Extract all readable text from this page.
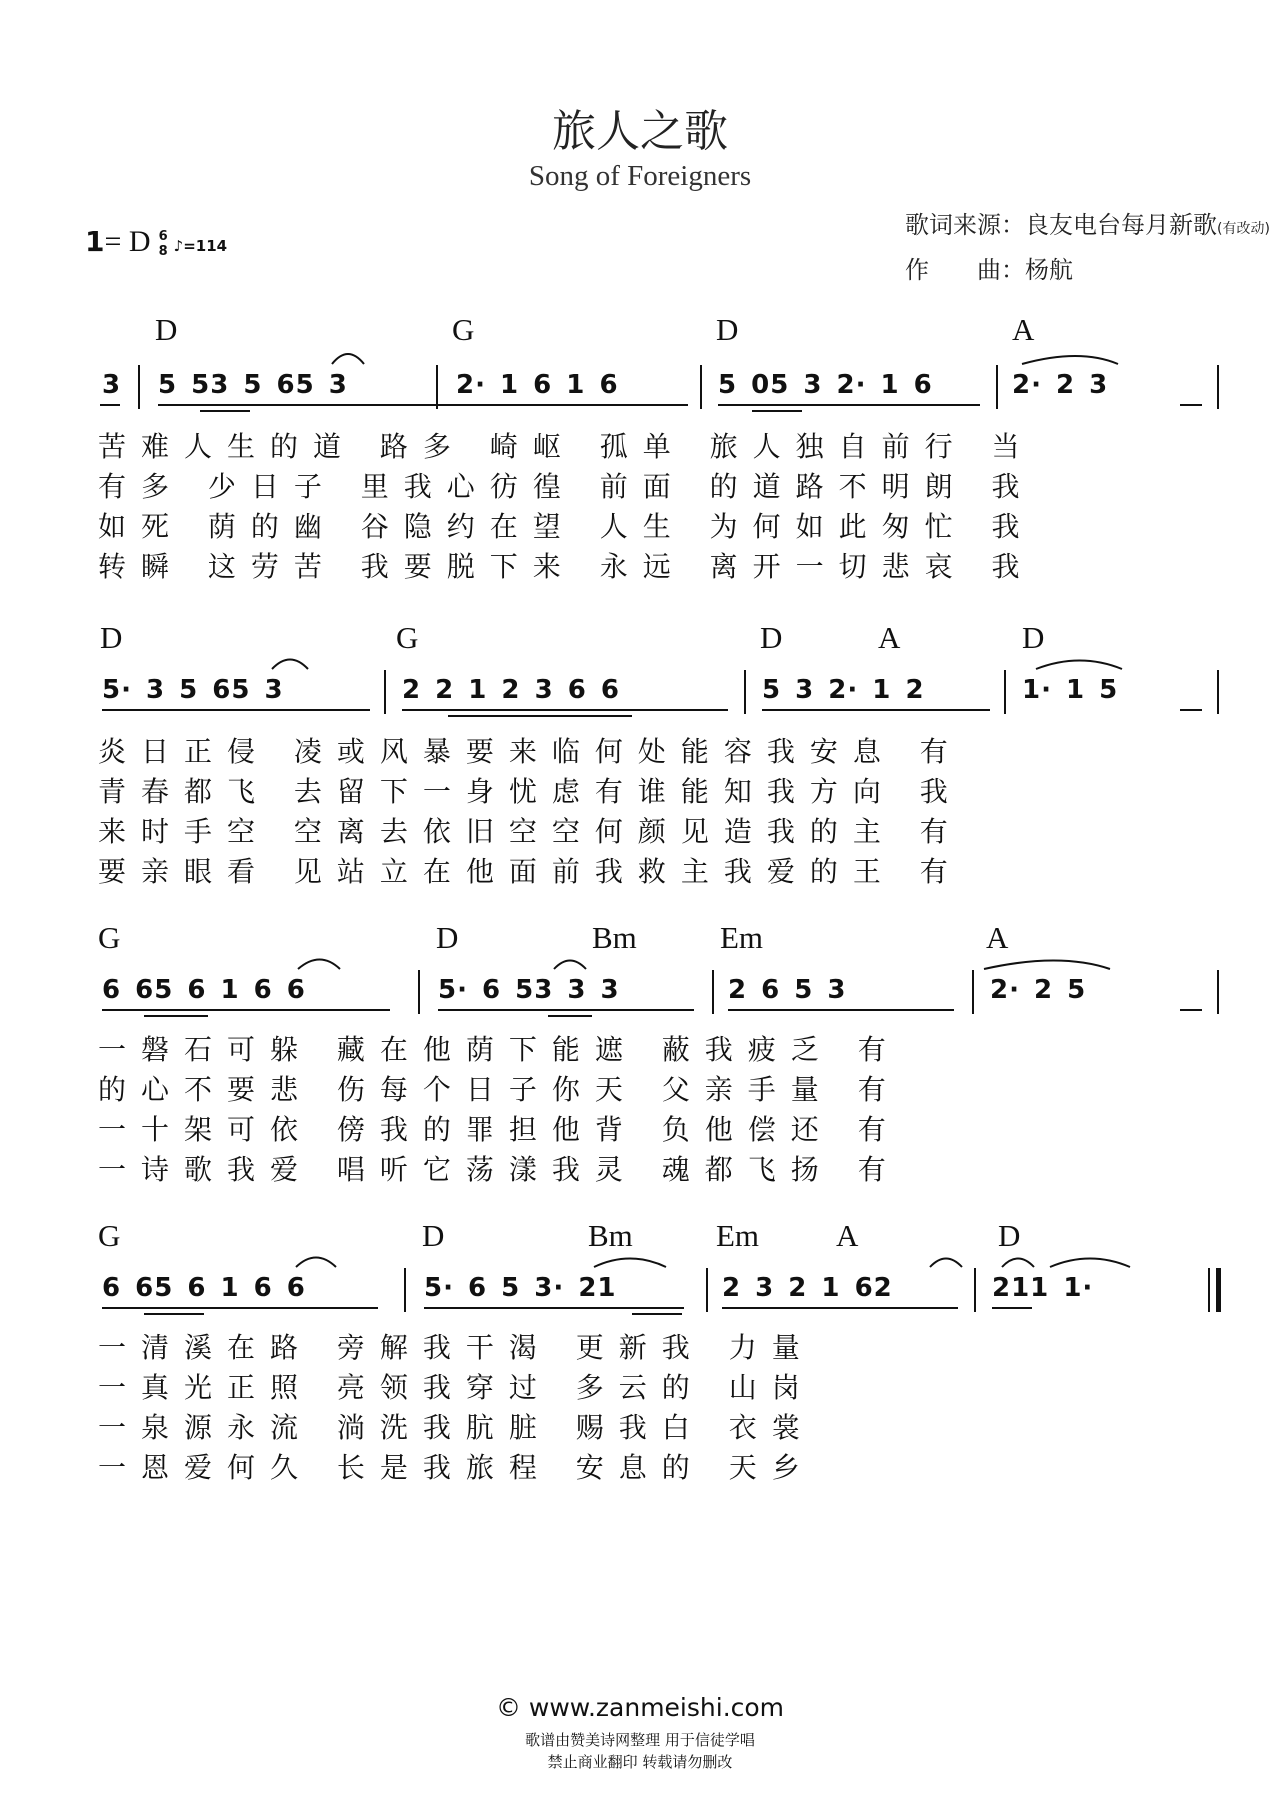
旅人之歌
Song of Foreigners
歌词来源：良友电台每月新歌(有改动)
作　　曲：杨航
1= D 6
8 ♪=114
D	G	D	A
3 5 53 5 65 3	2· 1 6 1 6	5 05 3 2· 1 6	2· 2 3
苦难人生的道 路多 崎岖 孤单 旅人独自前行 当
有多 少日子 里我心彷徨 前面 的道路不明朗 我
如死 荫的幽 谷隐约在望 人生 为何如此匆忙 我
转瞬 这劳苦 我要脱下来 永远 离开一切悲哀 我
D	G	D	A	D
5· 3 5 65 3	2 2 1 2 3 6 6	5 3 2· 1 2	1· 1 5
炎日正侵 凌或风暴要来临何处能容我安息 有
青春都飞 去留下一身忧虑有谁能知我方向 我
来时手空 空离去依旧空空何颜见造我的主 有
要亲眼看 见站立在他面前我救主我爱的王 有
G	D	Bm	Em	A
6 65 6 1 6 6	5· 6 53 3 3	2 6 5 3	2· 2 5
一磐石可躲 藏在他荫下能遮 蔽我疲乏 有
的心不要悲 伤每个日子你天 父亲手量 有
一十架可依 傍我的罪担他背 负他偿还 有
一诗歌我爱 唱听它荡漾我灵 魂都飞扬 有
G	D	Bm	Em A	D
6 65 6 1 6 6	5· 6 5 3· 21	2 3 2 1 62	211 1·
一清溪在路 旁解我干渴 更新我 力量
一真光正照 亮领我穿过 多云的 山岗
一泉源永流 淌洗我肮脏 赐我白 衣裳
一恩爱何久 长是我旅程 安息的 天乡
© www.zanmeishi.com
歌谱由赞美诗网整理 用于信徒学唱
禁止商业翻印 转载请勿删改
